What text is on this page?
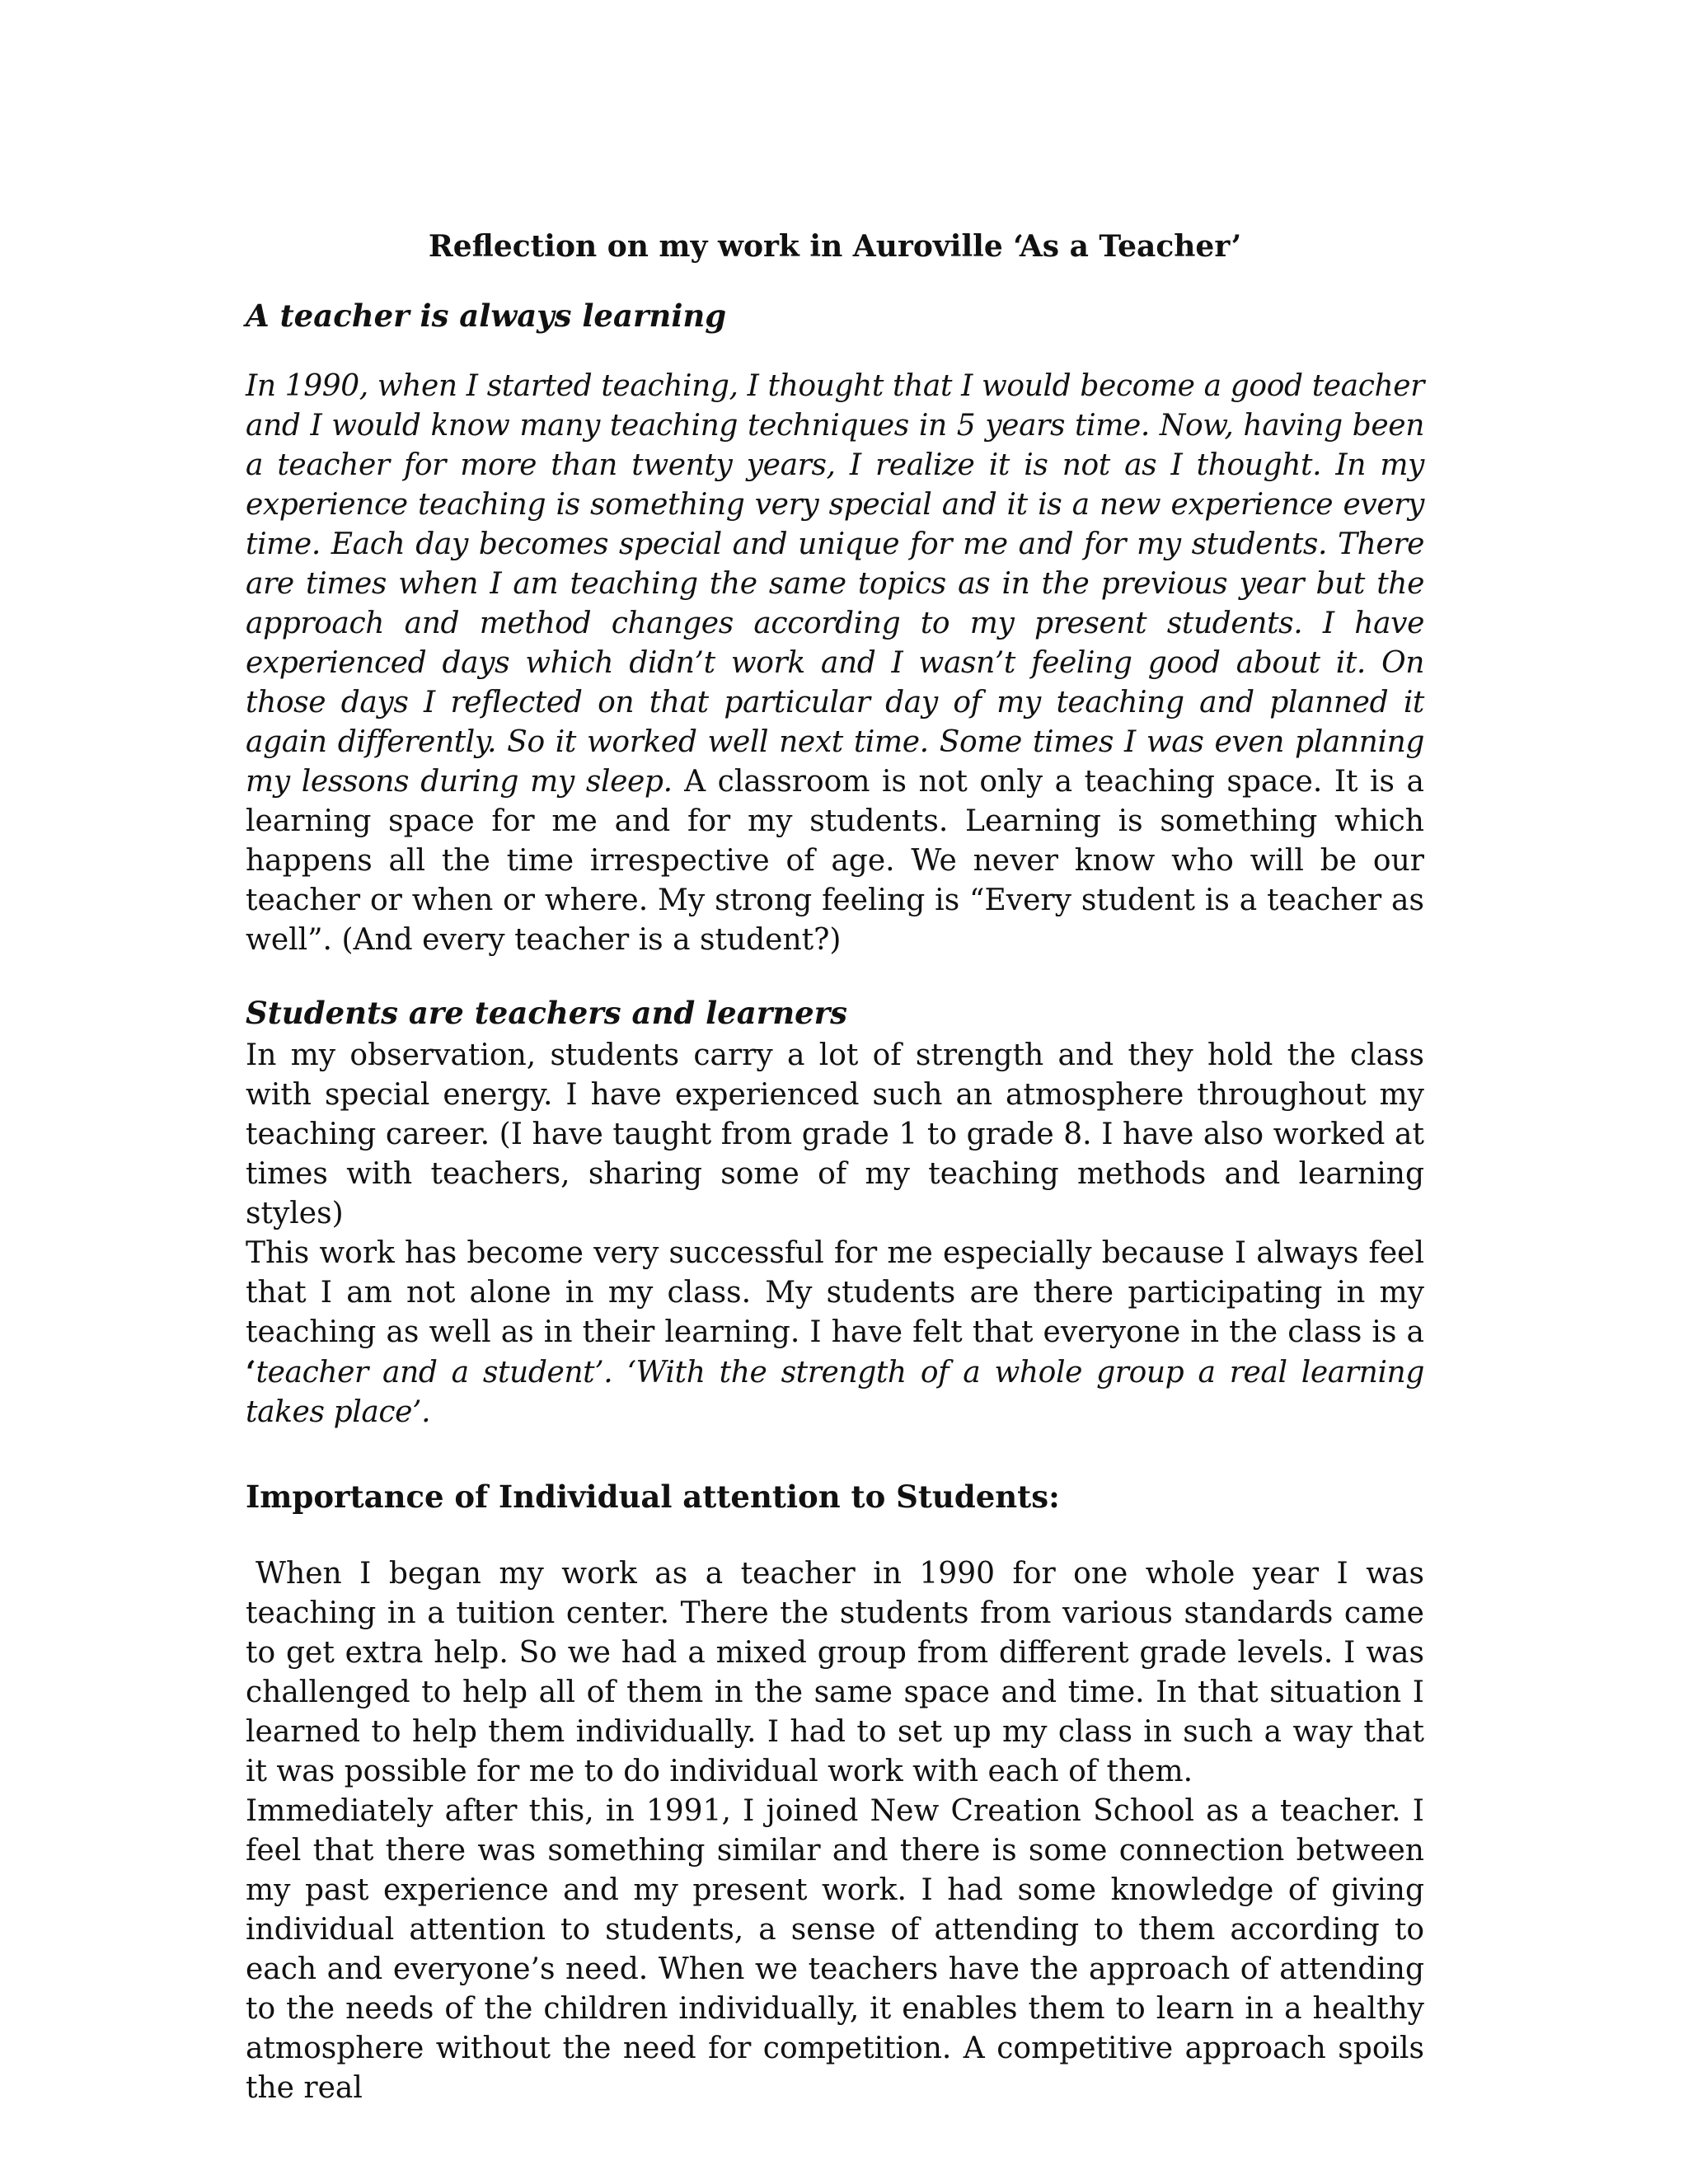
Reflection on my work in Auroville ‘As a Teacher’
A teacher is always learning

In 1990, when I started teaching, I thought that I would become a good teacher and I would know many teaching techniques in 5 years time. Now, having been a teacher for more than twenty years, I realize it is not as I thought. In my experience teaching is something very special and it is a new experience every time. Each day becomes special and unique for me and for my students. There are times when I am teaching the same topics as in the previous year but the approach and method changes according to my present students. I have experienced days which didn’t work and I wasn’t feeling good about it. On those days I reflected on that particular day of my teaching and planned it again differently. So it worked well next time. Some times I was even planning my lessons during my sleep. A classroom is not only a teaching space. It is a learning space for me and for my students. Learning is something which happens all the time irrespective of age. We never know who will be our teacher or when or where. My strong feeling is “Every student is a teacher as well”. (And every teacher is a student?)

Students are teachers and learners

In my observation, students carry a lot of strength and they hold the class with special energy. I have experienced such an atmosphere throughout my teaching career. (I have taught from grade 1 to grade 8. I have also worked at times with teachers, sharing some of my teaching methods and learning styles)

This work has become very successful for me especially because I always feel that I am not alone in my class. My students are there participating in my teaching as well as in their learning. I have felt that everyone in the class is a ‘teacher and a student’. ‘With the strength of a whole group a real learning takes place’.

Importance of Individual attention to Students:

When I began my work as a teacher in 1990 for one whole year I was teaching in a tuition center. There the students from various standards came to get extra help. So we had a mixed group from different grade levels. I was challenged to help all of them in the same space and time. In that situation I learned to help them individually. I had to set up my class in such a way that it was possible for me to do individual work with each of them.

Immediately after this, in 1991, I joined New Creation School as a teacher. I feel that there was something similar and there is some connection between my past experience and my present work. I had some knowledge of giving individual attention to students, a sense of attending to them according to each and everyone’s need. When we teachers have the approach of attending to the needs of the children individually, it enables them to learn in a healthy atmosphere without the need for competition. A competitive approach spoils the real
